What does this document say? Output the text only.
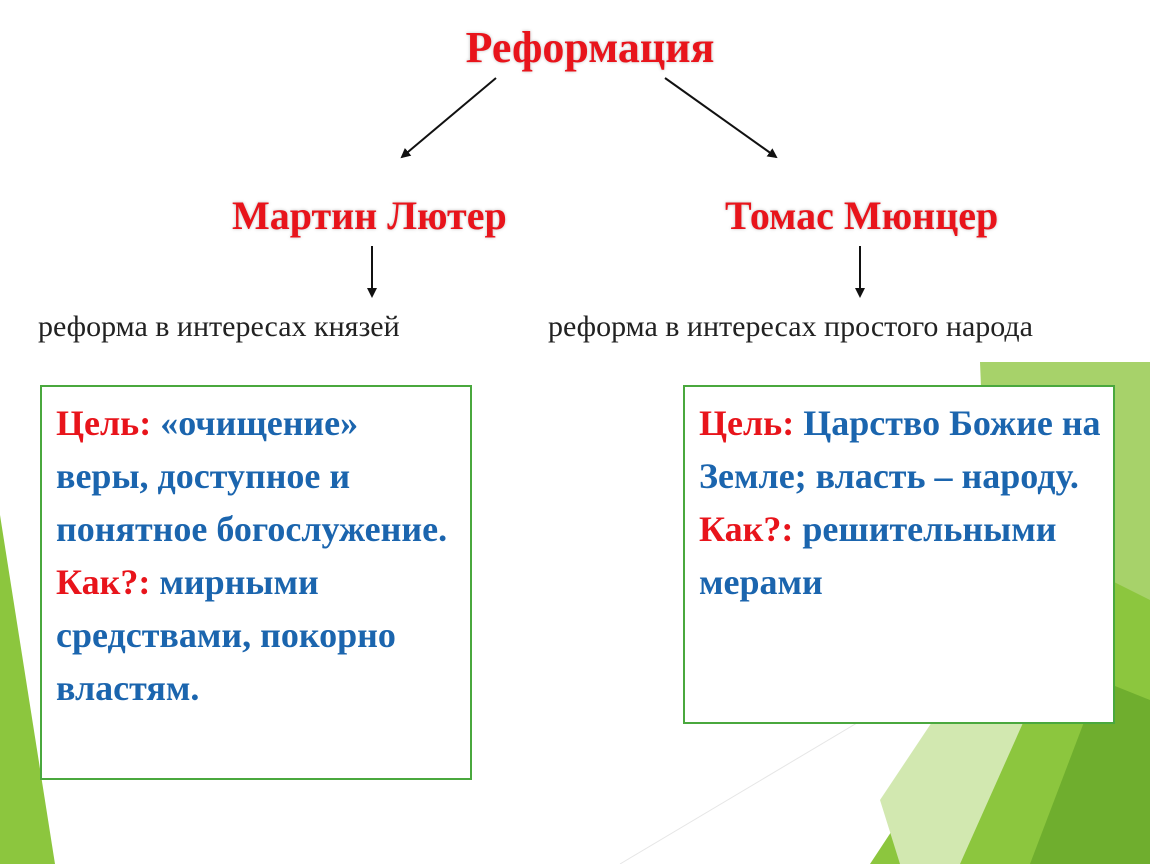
Реформация
Мартин Лютер	Томас Мюнцер
реформа в интересах князей	реформа в интересах простого народа
Цель: «очищение» веры, доступное и понятное богослужение.
Как?: мирными средствами, покорно властям.
Цель: Царство Божие на Земле; власть – народу.
Как?: решительными мерами
